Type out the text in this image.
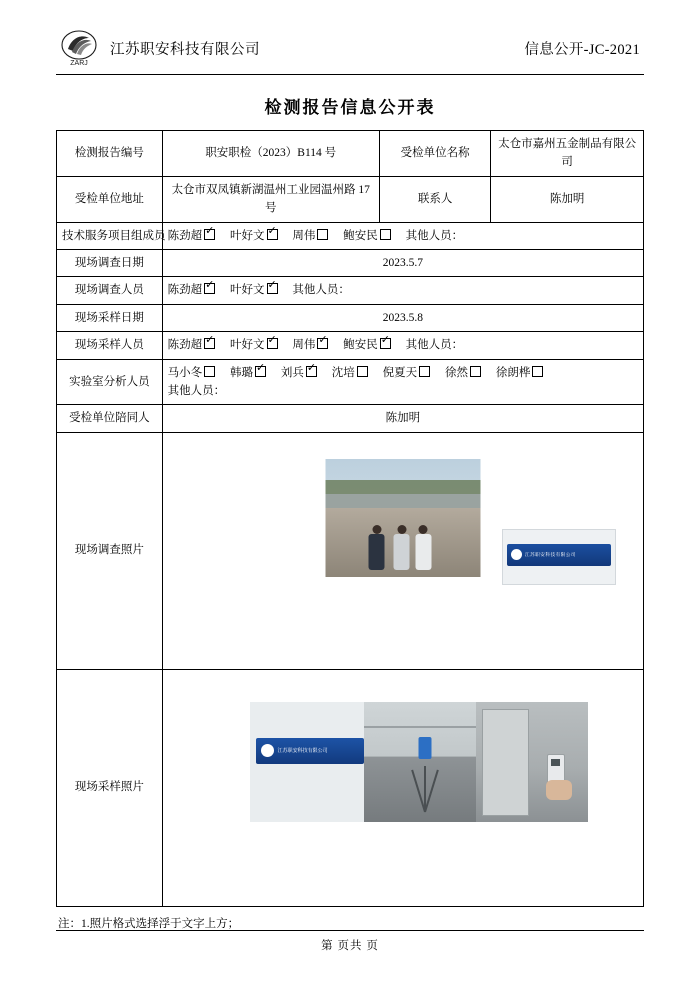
ZARJ
江苏职安科技有限公司	信息公开-JC-2021
检测报告信息公开表
检测报告编号	职安职检（2023）B114 号	受检单位名称	太仓市嘉州五金制品有限公司
受检单位地址	太仓市双凤镇新湖温州工业园温州路 17 号	联系人	陈加明
技术服务项目组成员	陈劲超 ✓ 叶好文 ✓ 周伟 鲍安民 其他人员：
现场调查日期	2023.5.7		
现场调查人员	陈劲超 ✓ 叶好文 ✓ 其他人员：
现场采样日期	2023.5.8		
现场采样人员	陈劲超 ✓ 叶好文 ✓ 周伟 ✓ 鲍安民 ✓ 其他人员：
实验室分析人员	马小冬 韩璐 ✓ 刘兵 ✓ 沈培 倪夏天 徐然 徐朗桦
其他人员：

受检单位陪同人	陈加明		
现场调查照片	江苏职安科技有限公司		

现场采样照片	江苏职安科技有限公司		
注：1.照片格式选择浮于文字上方；
第 页共 页
